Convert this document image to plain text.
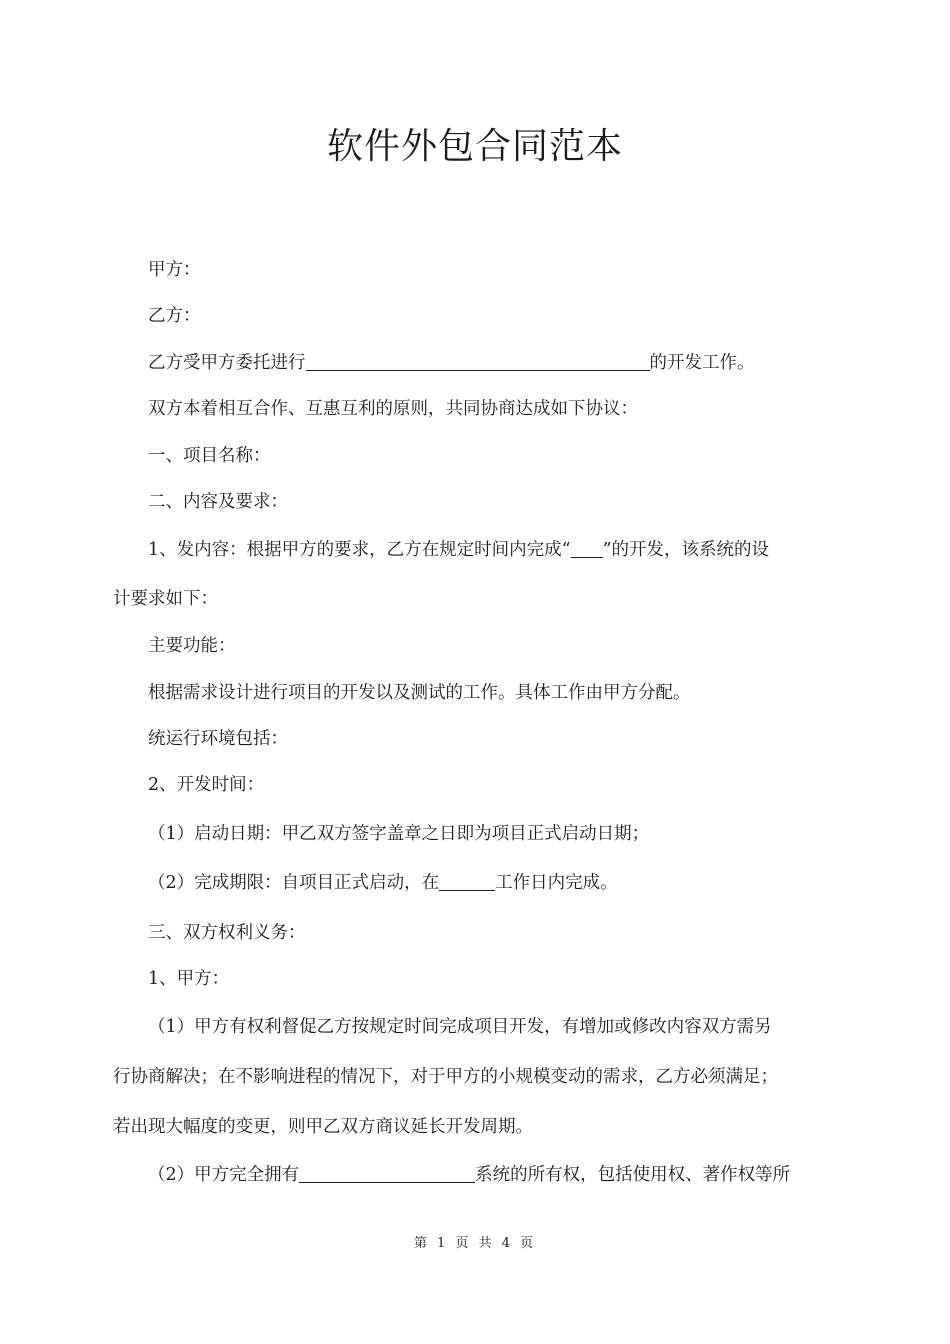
软件外包合同范本
甲方：
乙方：
乙方受甲方委托进行	的开发工作。
双方本着相互合作、互惠互利的原则，共同协商达成如下协议：
一、项目名称：
二、内容及要求：
1、发内容：根据甲方的要求，乙方在规定时间内完成“ ”的开发，该系统的设
计要求如下：
主要功能：
根据需求设计进行项目的开发以及测试的工作。具体工作由甲方分配。
统运行环境包括：
2、开发时间：
（1）启动日期：甲乙双方签字盖章之日即为项目正式启动日期；
（2）完成期限：自项目正式启动，在	工作日内完成。
三、双方权利义务：
1、甲方：
（1）甲方有权利督促乙方按规定时间完成项目开发，有增加或修改内容双方需另
行协商解决；在不影响进程的情况下，对于甲方的小规模变动的需求，乙方必须满足；
若出现大幅度的变更，则甲乙双方商议延长开发周期。
（2）甲方完全拥有	系统的所有权，包括使用权、著作权等所
第 1 页 共 4 页
